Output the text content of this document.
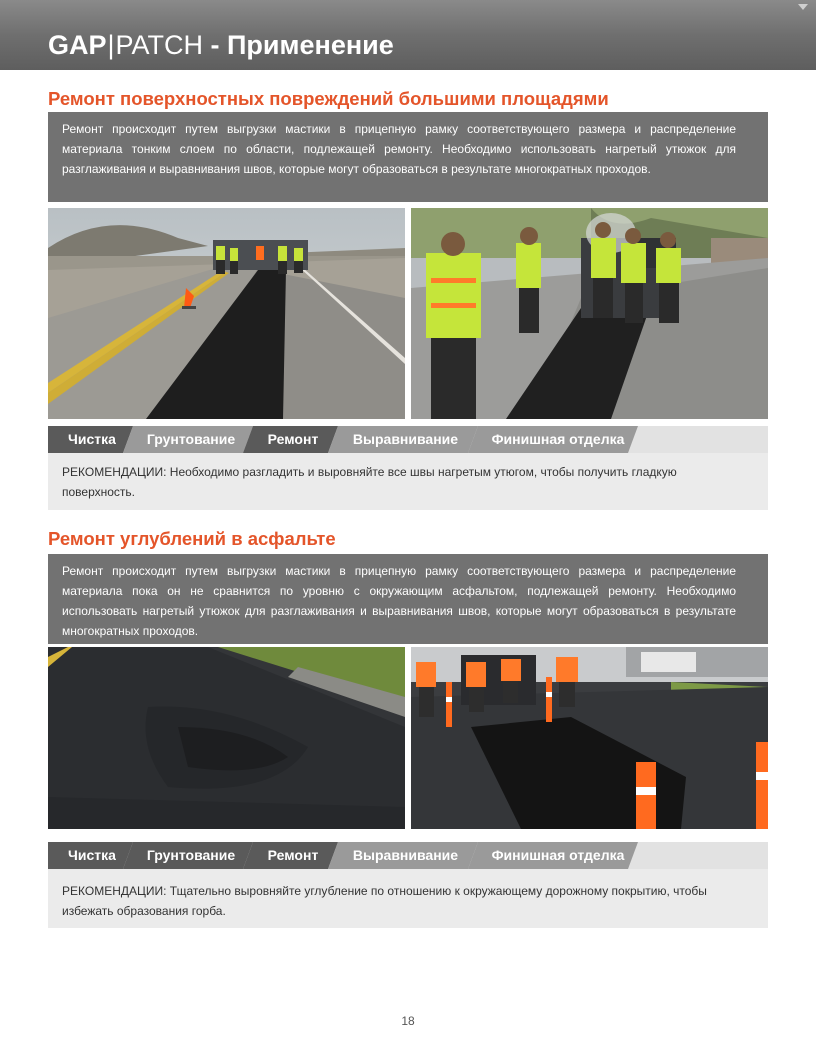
GAP|PATCH - Применение
Ремонт поверхностных повреждений большими площадями
Ремонт происходит путем выгрузки мастики в прицепную рамку соответствующего размера и распределение материала тонким слоем по области, подлежащей ремонту. Необходимо использовать нагретый утюжок для разглаживания и выравнивания швов, которые могут образоваться в результате многократных проходов.
Чистка	Грунтование	Ремонт	Выравнивание	Финишная отделка
РЕКОМЕНДАЦИИ: Необходимо разгладить и выровняйте все швы нагретым утюгом, чтобы получить гладкую поверхность.
Ремонт углублений в асфальте
Ремонт происходит путем выгрузки мастики в прицепную рамку соответствующего размера и распределение материала пока он не сравнится по уровню с окружающим асфальтом, подлежащей ремонту. Необходимо использовать нагретый утюжок для разглаживания и выравнивания швов, которые могут образоваться в результате многократных проходов.
Чистка	Грунтование	Ремонт	Выравнивание	Финишная отделка
РЕКОМЕНДАЦИИ: Тщательно выровняйте углубление по отношению к окружающему дорожному покрытию, чтобы избежать образования горба.
18
